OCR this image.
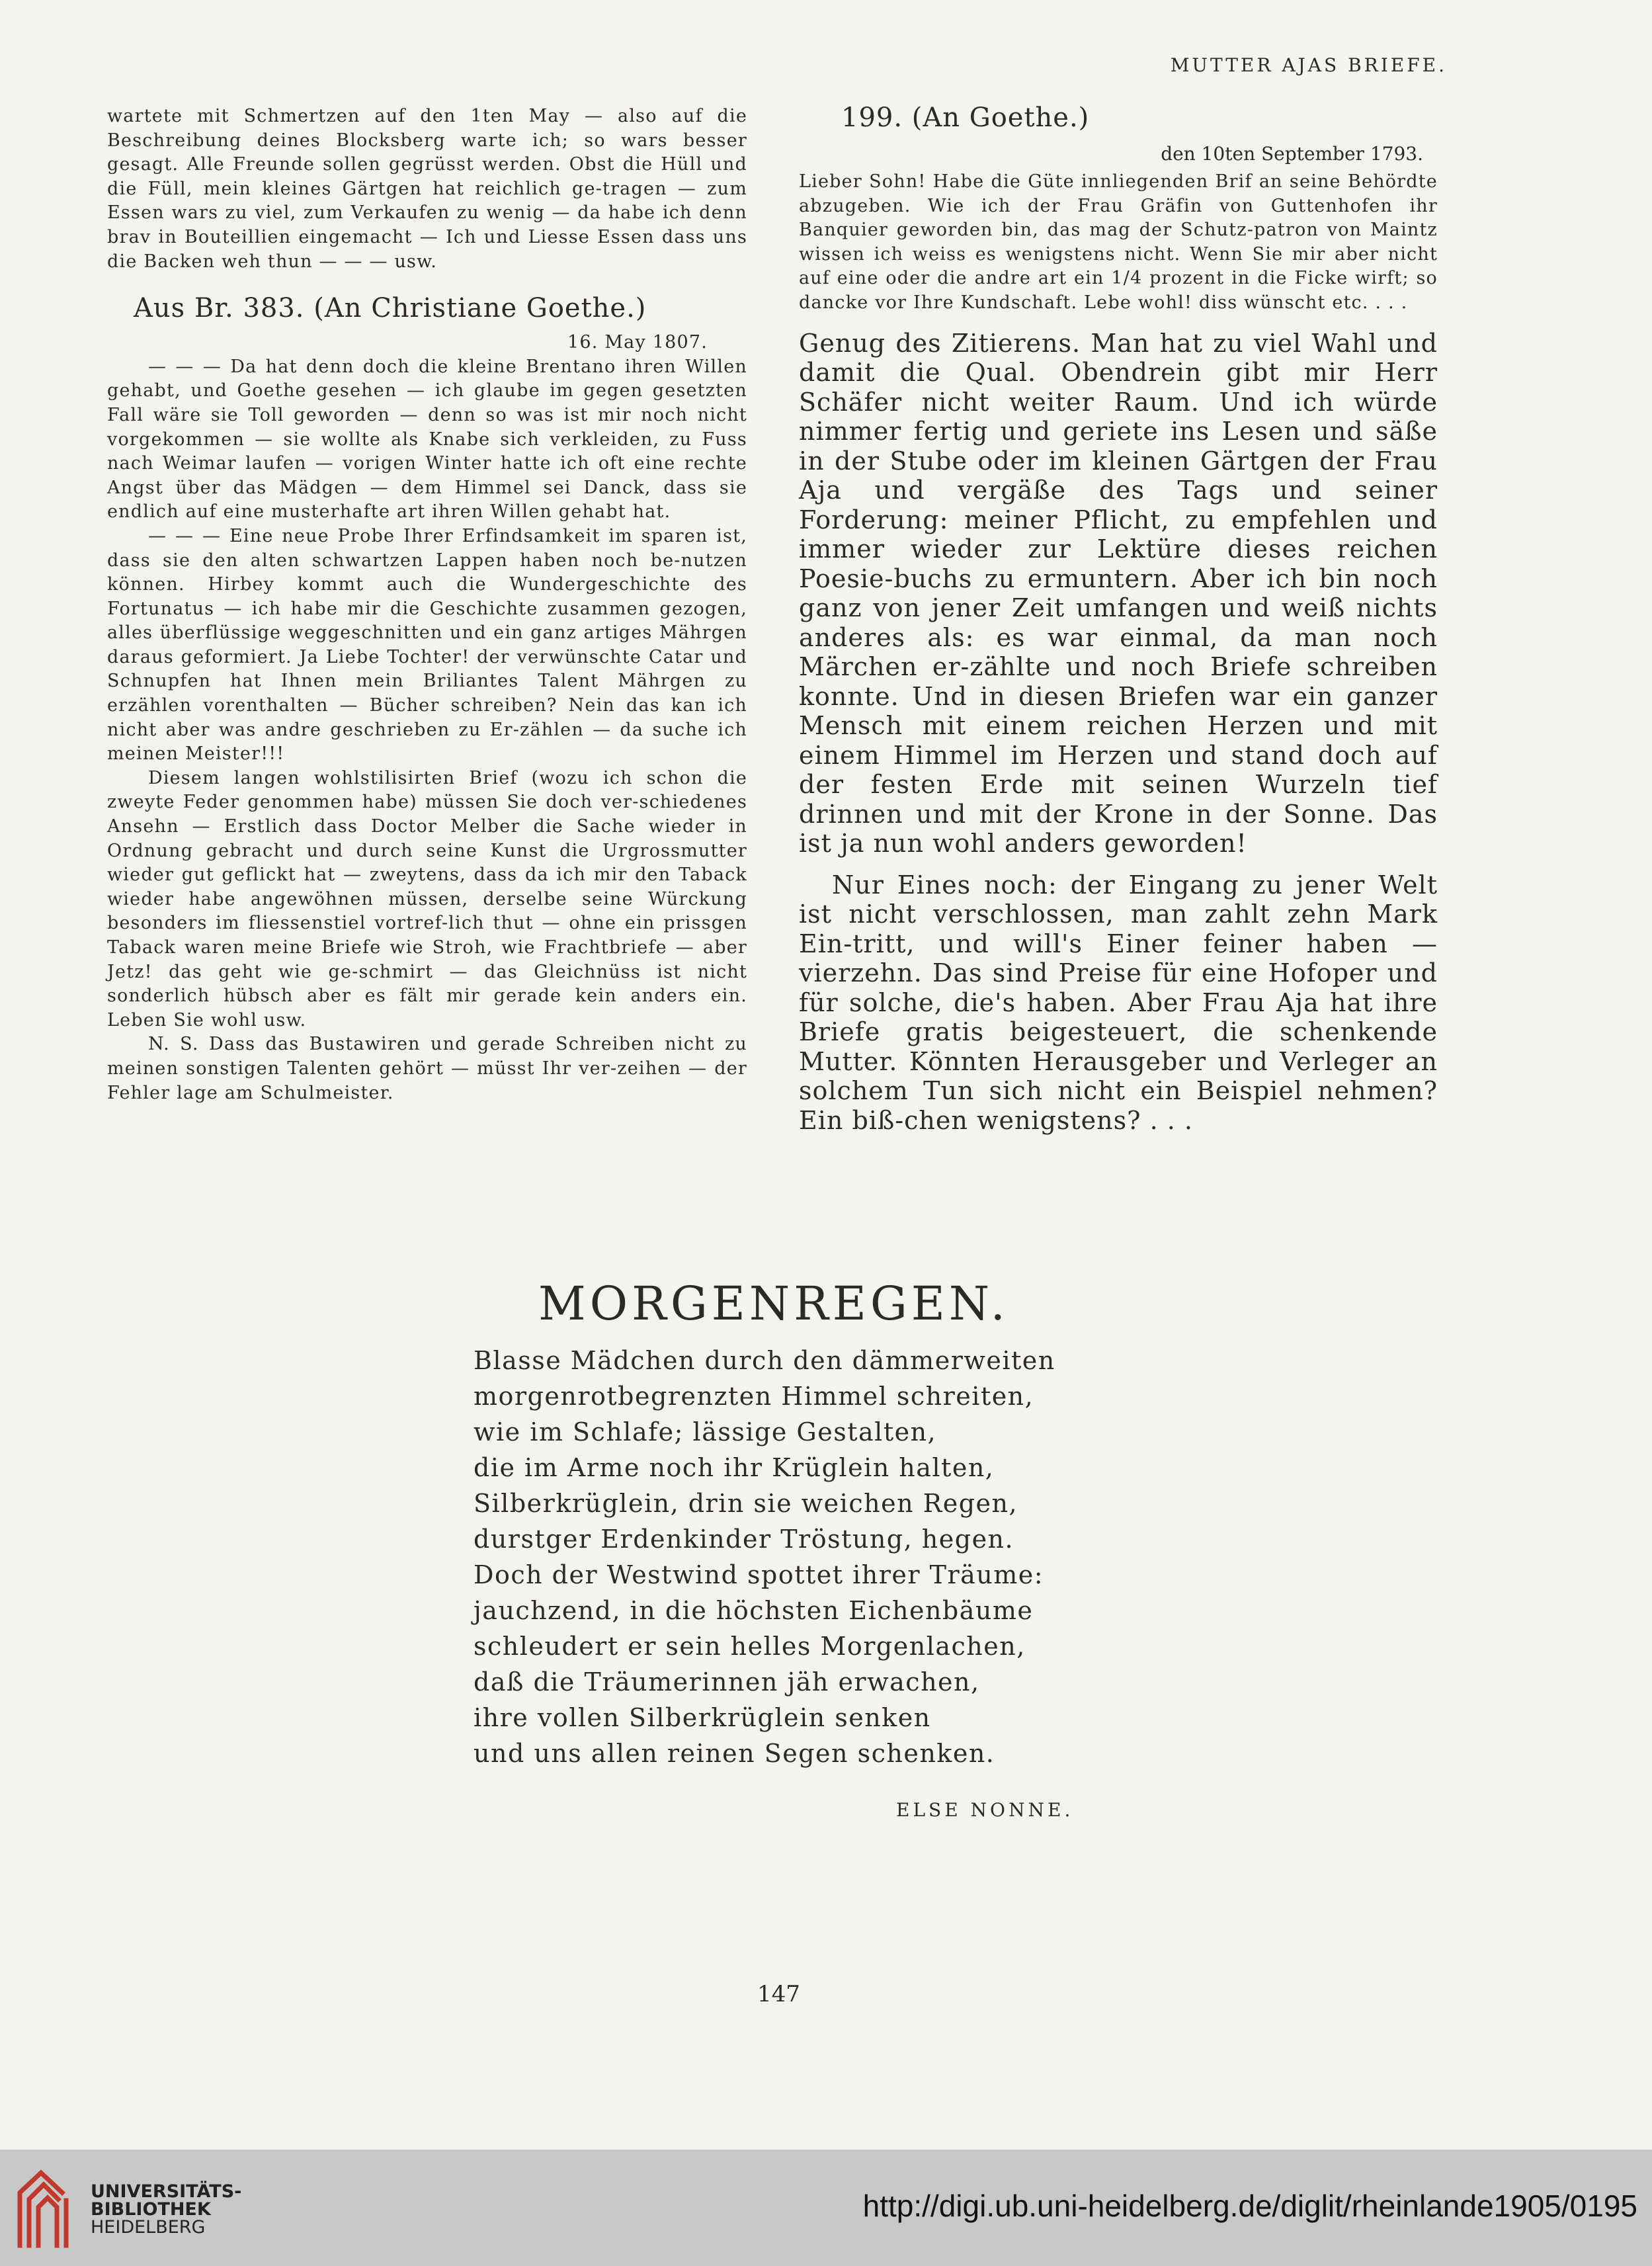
MUTTER AJAS BRIEFE.

wartete mit Schmertzen auf den 1ten May — also auf die Beschreibung deines Blocksberg warte ich; so wars besser gesagt. Alle Freunde sollen gegrüsst werden. Obst die Hüll und die Füll, mein kleines Gärtgen hat reichlich ge-tragen — zum Essen wars zu viel, zum Verkaufen zu wenig — da habe ich denn brav in Bouteillien eingemacht — Ich und Liesse Essen dass uns die Backen weh thun — — — usw.

Aus Br. 383. (An Christiane Goethe.)

16. May 1807.

— — — Da hat denn doch die kleine Brentano ihren Willen gehabt, und Goethe gesehen — ich glaube im gegen gesetzten Fall wäre sie Toll geworden — denn so was ist mir noch nicht vorgekommen — sie wollte als Knabe sich verkleiden, zu Fuss nach Weimar laufen — vorigen Winter hatte ich oft eine rechte Angst über das Mädgen — dem Himmel sei Danck, dass sie endlich auf eine musterhafte art ihren Willen gehabt hat.

— — — Eine neue Probe Ihrer Erfindsamkeit im sparen ist, dass sie den alten schwartzen Lappen haben noch be-nutzen können. Hirbey kommt auch die Wundergeschichte des Fortunatus — ich habe mir die Geschichte zusammen gezogen, alles überflüssige weggeschnitten und ein ganz artiges Mährgen daraus geformiert. Ja Liebe Tochter! der verwünschte Catar und Schnupfen hat Ihnen mein Briliantes Talent Mährgen zu erzählen vorenthalten — Bücher schreiben? Nein das kan ich nicht aber was andre geschrieben zu Er-zählen — da suche ich meinen Meister!!!

Diesem langen wohlstilisirten Brief (wozu ich schon die zweyte Feder genommen habe) müssen Sie doch ver-schiedenes Ansehn — Erstlich dass Doctor Melber die Sache wieder in Ordnung gebracht und durch seine Kunst die Urgrossmutter wieder gut geflickt hat — zweytens, dass da ich mir den Taback wieder habe angewöhnen müssen, derselbe seine Würckung besonders im fliessenstiel vortref-lich thut — ohne ein prissgen Taback waren meine Briefe wie Stroh, wie Frachtbriefe — aber Jetz! das geht wie ge-schmirt — das Gleichnüss ist nicht sonderlich hübsch aber es fält mir gerade kein anders ein. Leben Sie wohl usw.

N. S. Dass das Bustawiren und gerade Schreiben nicht zu meinen sonstigen Talenten gehört — müsst Ihr ver-zeihen — der Fehler lage am Schulmeister.

199. (An Goethe.)
den 10ten September 1793.

Lieber Sohn! Habe die Güte innliegenden Brif an seine Behördte abzugeben. Wie ich der Frau Gräfin von Guttenhofen ihr Banquier geworden bin, das mag der Schutz-patron von Maintz wissen ich weiss es wenigstens nicht. Wenn Sie mir aber nicht auf eine oder die andre art ein 1/4 prozent in die Ficke wirft; so dancke vor Ihre Kundschaft. Lebe wohl! diss wünscht etc. . . .

Genug des Zitierens. Man hat zu viel Wahl und damit die Qual. Obendrein gibt mir Herr Schäfer nicht weiter Raum. Und ich würde nimmer fertig und geriete ins Lesen und säße in der Stube oder im kleinen Gärtgen der Frau Aja und vergäße des Tags und seiner Forderung: meiner Pflicht, zu empfehlen und immer wieder zur Lektüre dieses reichen Poesie-buchs zu ermuntern. Aber ich bin noch ganz von jener Zeit umfangen und weiß nichts anderes als: es war einmal, da man noch Märchen er-zählte und noch Briefe schreiben konnte. Und in diesen Briefen war ein ganzer Mensch mit einem reichen Herzen und mit einem Himmel im Herzen und stand doch auf der festen Erde mit seinen Wurzeln tief drinnen und mit der Krone in der Sonne. Das ist ja nun wohl anders geworden!

Nur Eines noch: der Eingang zu jener Welt ist nicht verschlossen, man zahlt zehn Mark Ein-tritt, und will's Einer feiner haben — vierzehn. Das sind Preise für eine Hofoper und für solche, die's haben. Aber Frau Aja hat ihre Briefe gratis beigesteuert, die schenkende Mutter. Könnten Herausgeber und Verleger an solchem Tun sich nicht ein Beispiel nehmen? Ein biß-chen wenigstens? . . .

MORGENREGEN.
Blasse Mädchen durch den dämmerweiten
morgenrotbegrenzten Himmel schreiten,
wie im Schlafe; lässige Gestalten,
die im Arme noch ihr Krüglein halten,
Silberkrüglein, drin sie weichen Regen,
durstger Erdenkinder Tröstung, hegen.
Doch der Westwind spottet ihrer Träume:
jauchzend, in die höchsten Eichenbäume
schleudert er sein helles Morgenlachen,
daß die Träumerinnen jäh erwachen,
ihre vollen Silberkrüglein senken
und uns allen reinen Segen schenken.
ELSE NONNE.
147
UNIVERSITÄTS-
BIBLIOTHEK
HEIDELBERG
http://digi.ub.uni-heidelberg.de/diglit/rheinlande1905/0195
